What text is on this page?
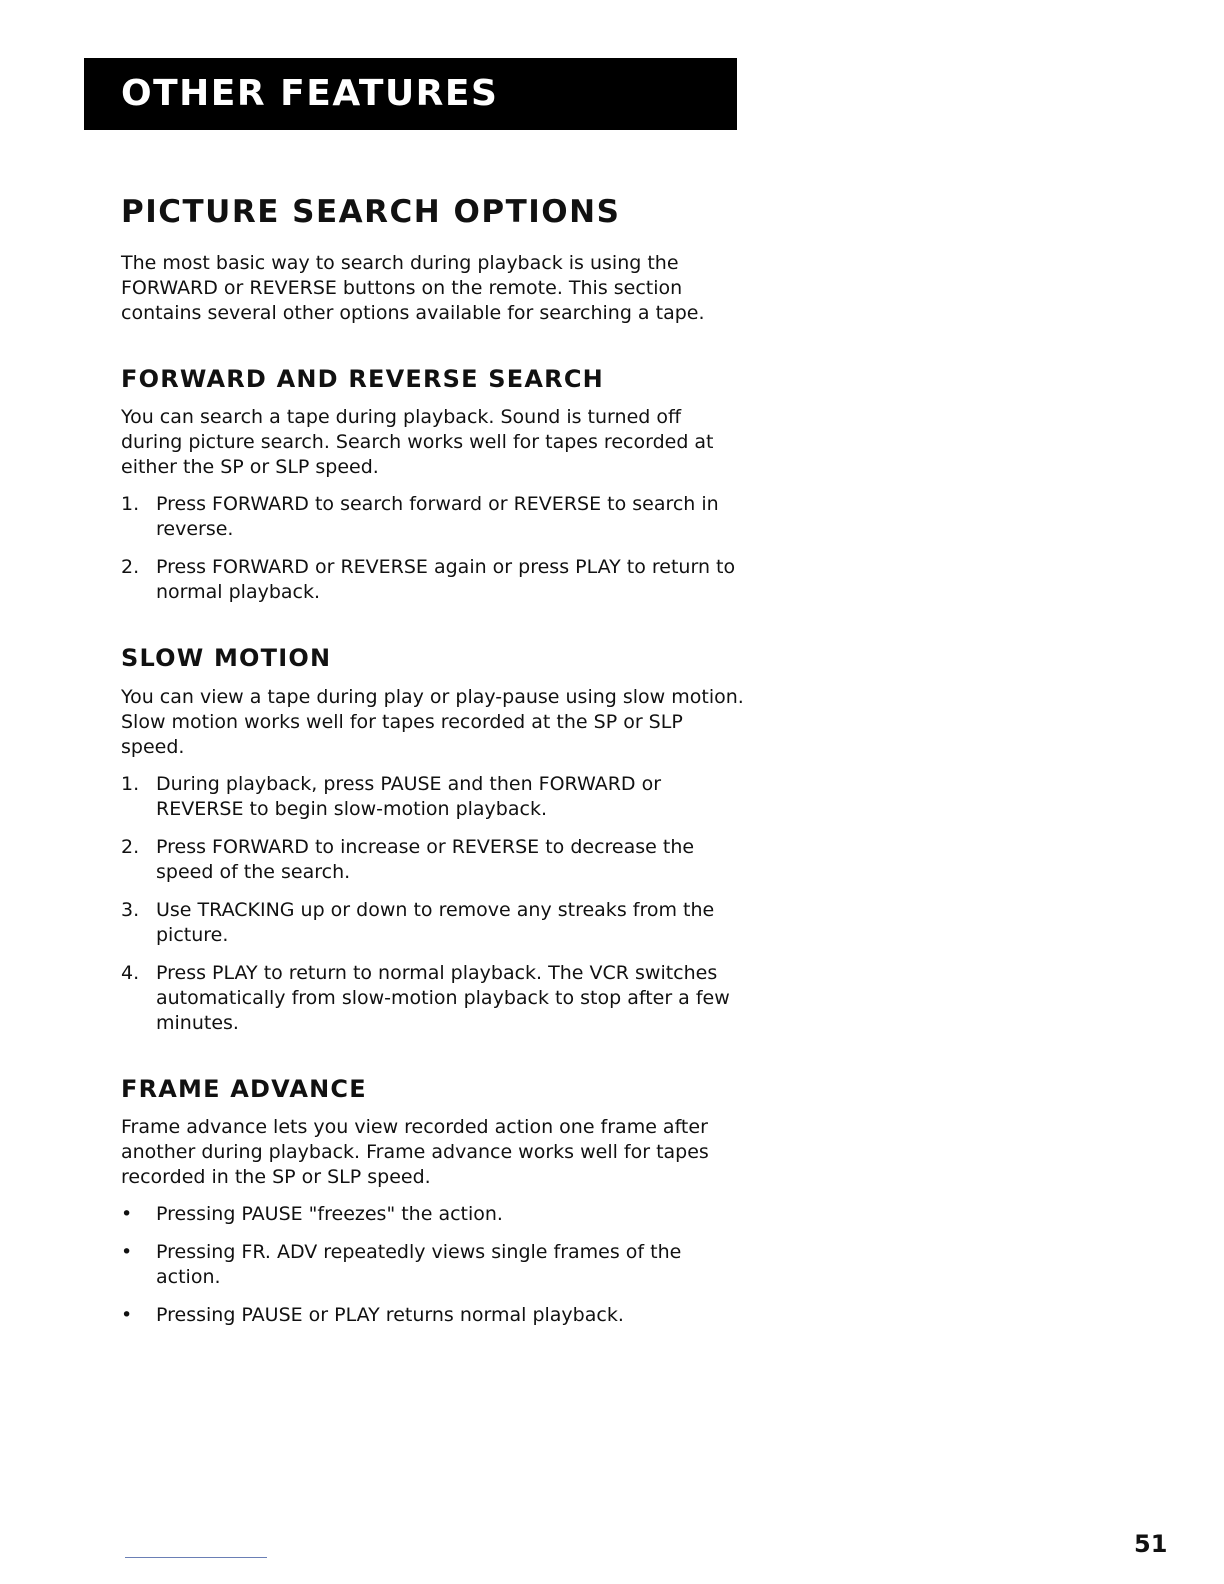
OTHER FEATURES
PICTURE SEARCH OPTIONS

The most basic way to search during playback is using the FORWARD or REVERSE buttons on the remote. This section contains several other options available for searching a tape.

FORWARD AND REVERSE SEARCH

You can search a tape during playback. Sound is turned off during picture search. Search works well for tapes recorded at either the SP or SLP speed.

1. Press FORWARD to search forward or REVERSE to search in reverse.
2. Press FORWARD or REVERSE again or press PLAY to return to normal playback.
SLOW MOTION

You can view a tape during play or play-pause using slow motion. Slow motion works well for tapes recorded at the SP or SLP speed.

1. During playback, press PAUSE and then FORWARD or REVERSE to begin slow-motion playback.
2. Press FORWARD to increase or REVERSE to decrease the speed of the search.
3. Use TRACKING up or down to remove any streaks from the picture.
4. Press PLAY to return to normal playback. The VCR switches automatically from slow-motion playback to stop after a few minutes.
FRAME ADVANCE

Frame advance lets you view recorded action one frame after another during playback. Frame advance works well for tapes recorded in the SP or SLP speed.

• Pressing PAUSE "freezes" the action.
• Pressing FR. ADV repeatedly views single frames of the action.
• Pressing PAUSE or PLAY returns normal playback.
51
